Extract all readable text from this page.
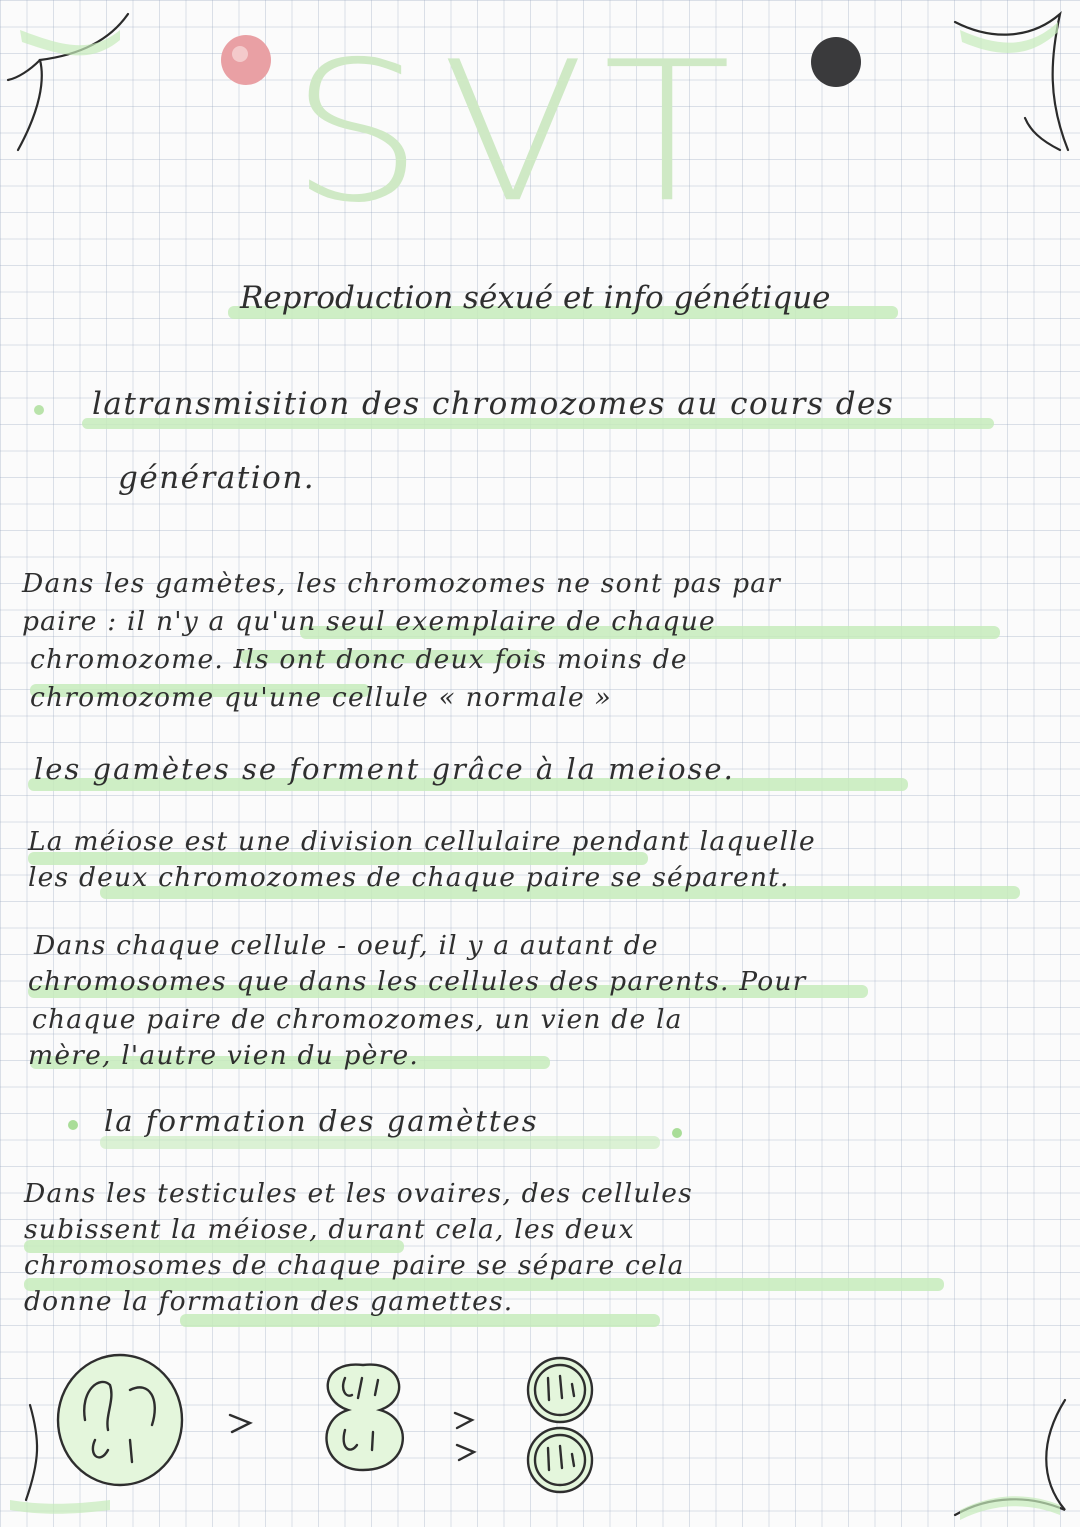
SVT
Reproduction séxué et info génétique
latransmisition des chromozomes au cours des
génération.
Dans les gamètes, les chromozomes ne sont pas par
paire : il n'y a qu'un seul exemplaire de chaque
chromozome. Ils ont donc deux fois moins de
chromozome qu'une cellule « normale »
les gamètes se forment grâce à la meiose.
La méiose est une division cellulaire pendant laquelle
les deux chromozomes de chaque paire se séparent.
Dans chaque cellule - oeuf, il y a autant de
chromosomes que dans les cellules des parents. Pour
chaque paire de chromozomes, un vien de la
mère, l'autre vien du père.
la formation des gamèttes
Dans les testicules et les ovaires, des cellules
subissent la méiose, durant cela, les deux
chromosomes de chaque paire se sépare cela
donne la formation des gamettes.
